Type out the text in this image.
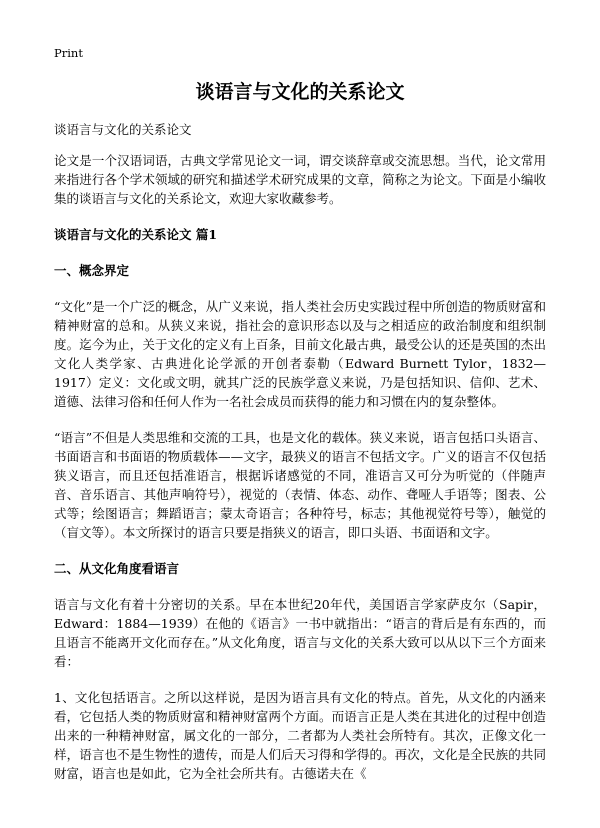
Print
谈语言与文化的关系论文

谈语言与文化的关系论文

论文是一个汉语词语，古典文学常见论文一词，谓交谈辞章或交流思想。当代，论文常用来指进行各个学术领域的研究和描述学术研究成果的文章，简称之为论文。下面是小编收集的谈语言与文化的关系论文，欢迎大家收藏参考。

谈语言与文化的关系论文 篇1
一、概念界定

“文化”是一个广泛的概念，从广义来说，指人类社会历史实践过程中所创造的物质财富和精神财富的总和。从狭义来说，指社会的意识形态以及与之相适应的政治制度和组织制度。迄今为止，关于文化的定义有上百条，目前文化最古典，最受公认的还是英国的杰出文化人类学家、古典进化论学派的开创者泰勒（Edward Burnett Tylor，1832—1917）定义：文化或文明，就其广泛的民族学意义来说，乃是包括知识、信仰、艺术、道德、法律习俗和任何人作为一名社会成员而获得的能力和习惯在内的复杂整体。

“语言”不但是人类思维和交流的工具，也是文化的载体。狭义来说，语言包括口头语言、书面语言和书面语的物质载体——文字，最狭义的语言不包括文字。广义的语言不仅包括狭义语言，而且还包括准语言，根据诉诸感觉的不同，准语言又可分为听觉的（伴随声音、音乐语言、其他声响符号），视觉的（表情、体态、动作、聋哑人手语等；图表、公式等；绘图语言；舞蹈语言；蒙太奇语言；各种符号，标志；其他视觉符号等），触觉的（盲文等）。本文所探讨的语言只要是指狭义的语言，即口头语、书面语和文字。

二、从文化角度看语言

语言与文化有着十分密切的关系。早在本世纪20年代，美国语言学家萨皮尔（Sapir，Edward：1884—1939）在他的《语言》一书中就指出：“语言的背后是有东西的，而且语言不能离开文化而存在。”从文化角度，语言与文化的关系大致可以从以下三个方面来看：

1、文化包括语言。之所以这样说，是因为语言具有文化的特点。首先，从文化的内涵来看，它包括人类的物质财富和精神财富两个方面。而语言正是人类在其进化的过程中创造出来的一种精神财富，属文化的一部分，二者都为人类社会所特有。其次，正像文化一样，语言也不是生物性的遗传，而是人们后天习得和学得的。再次，文化是全民族的共同财富，语言也是如此，它为全社会所共有。古德诺夫在《
